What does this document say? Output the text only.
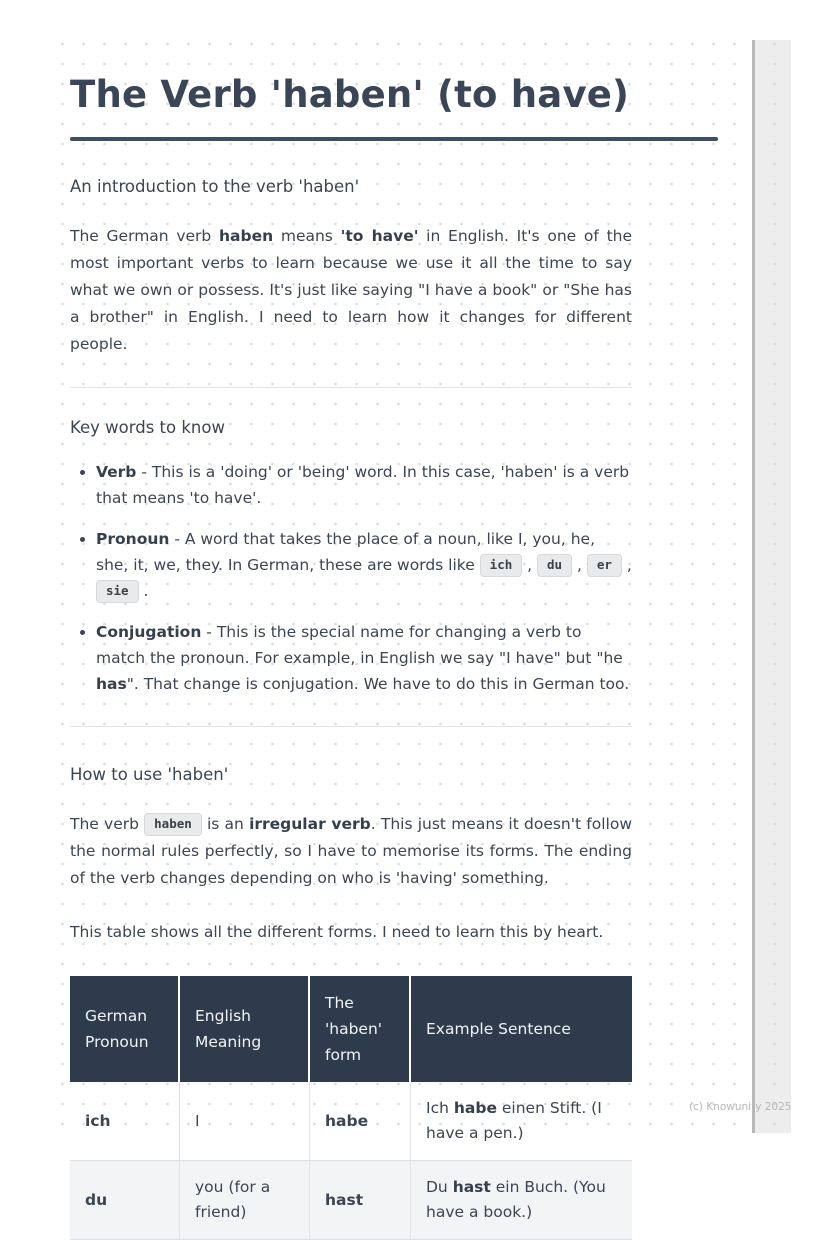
The Verb 'haben' (to have)

An introduction to the verb 'haben'

The German verb haben means 'to have' in English. It's one of the most important verbs to learn because we use it all the time to say what we own or possess. It's just like saying "I have a book" or "She has a brother" in English. I need to learn how it changes for different people.

Key words to know

• Verb - This is a 'doing' or 'being' word. In this case, 'haben' is a verb that means 'to have'.
• Pronoun - A word that takes the place of a noun, like I, you, he, she, it, we, they. In German, these are words like ich , du , er , sie .
• Conjugation - This is the special name for changing a verb to match the pronoun. For example, in English we say "I have" but "he has". That change is conjugation. We have to do this in German too.

How to use 'haben'

The verb haben is an irregular verb. This just means it doesn't follow the normal rules perfectly, so I have to memorise its forms. The ending of the verb changes depending on who is 'having' something.

This table shows all the different forms. I need to learn this by heart.

German Pronoun	English Meaning	The 'haben' form	Example Sentence
ich	I	habe	Ich habe einen Stift. (I have a pen.)
du	you (for a friend)	hast	Du hast ein Buch. (You have a book.)
(c) Knowunity 2025
